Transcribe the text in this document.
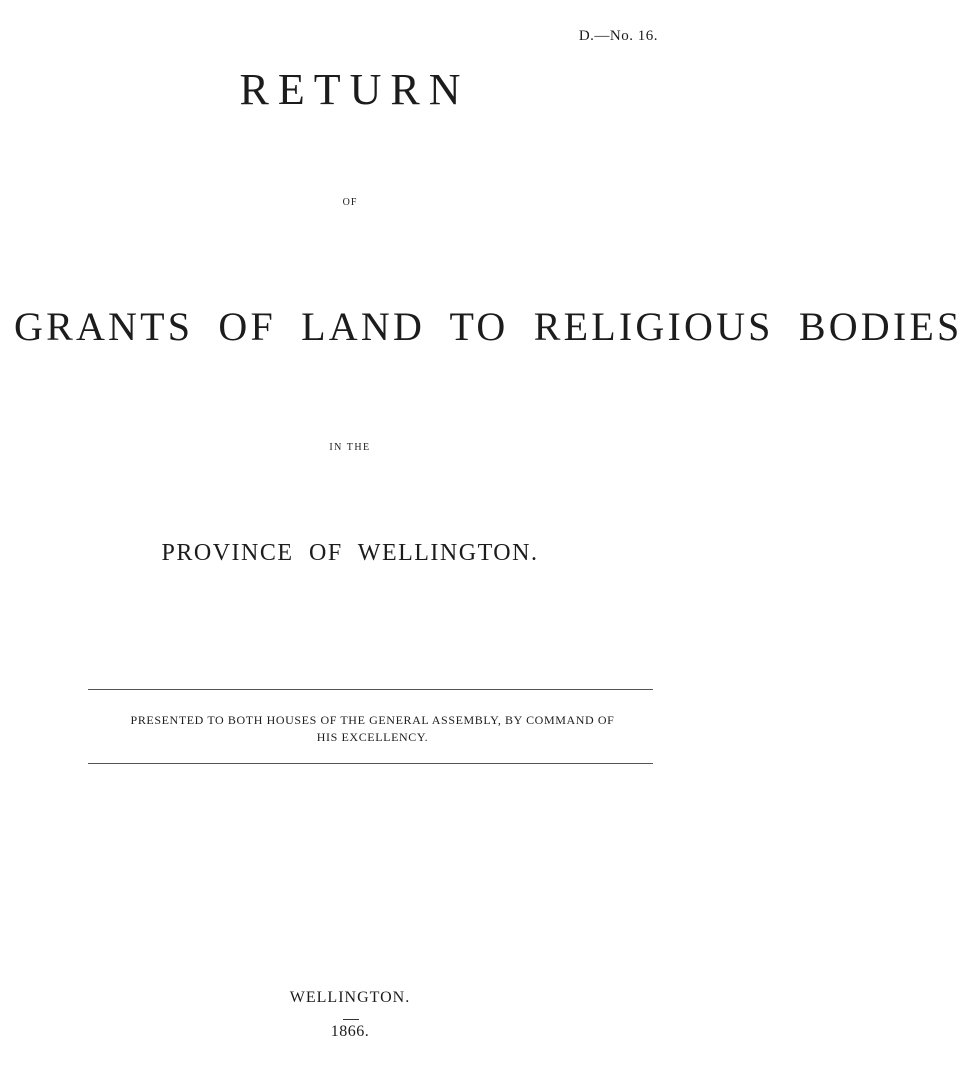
D.—No. 16.
RETURN
OF
GRANTS OF LAND TO RELIGIOUS BODIES
IN THE
PROVINCE OF WELLINGTON.
PRESENTED TO BOTH HOUSES OF THE GENERAL ASSEMBLY, BY COMMAND OF
HIS EXCELLENCY.
WELLINGTON.
1866.
